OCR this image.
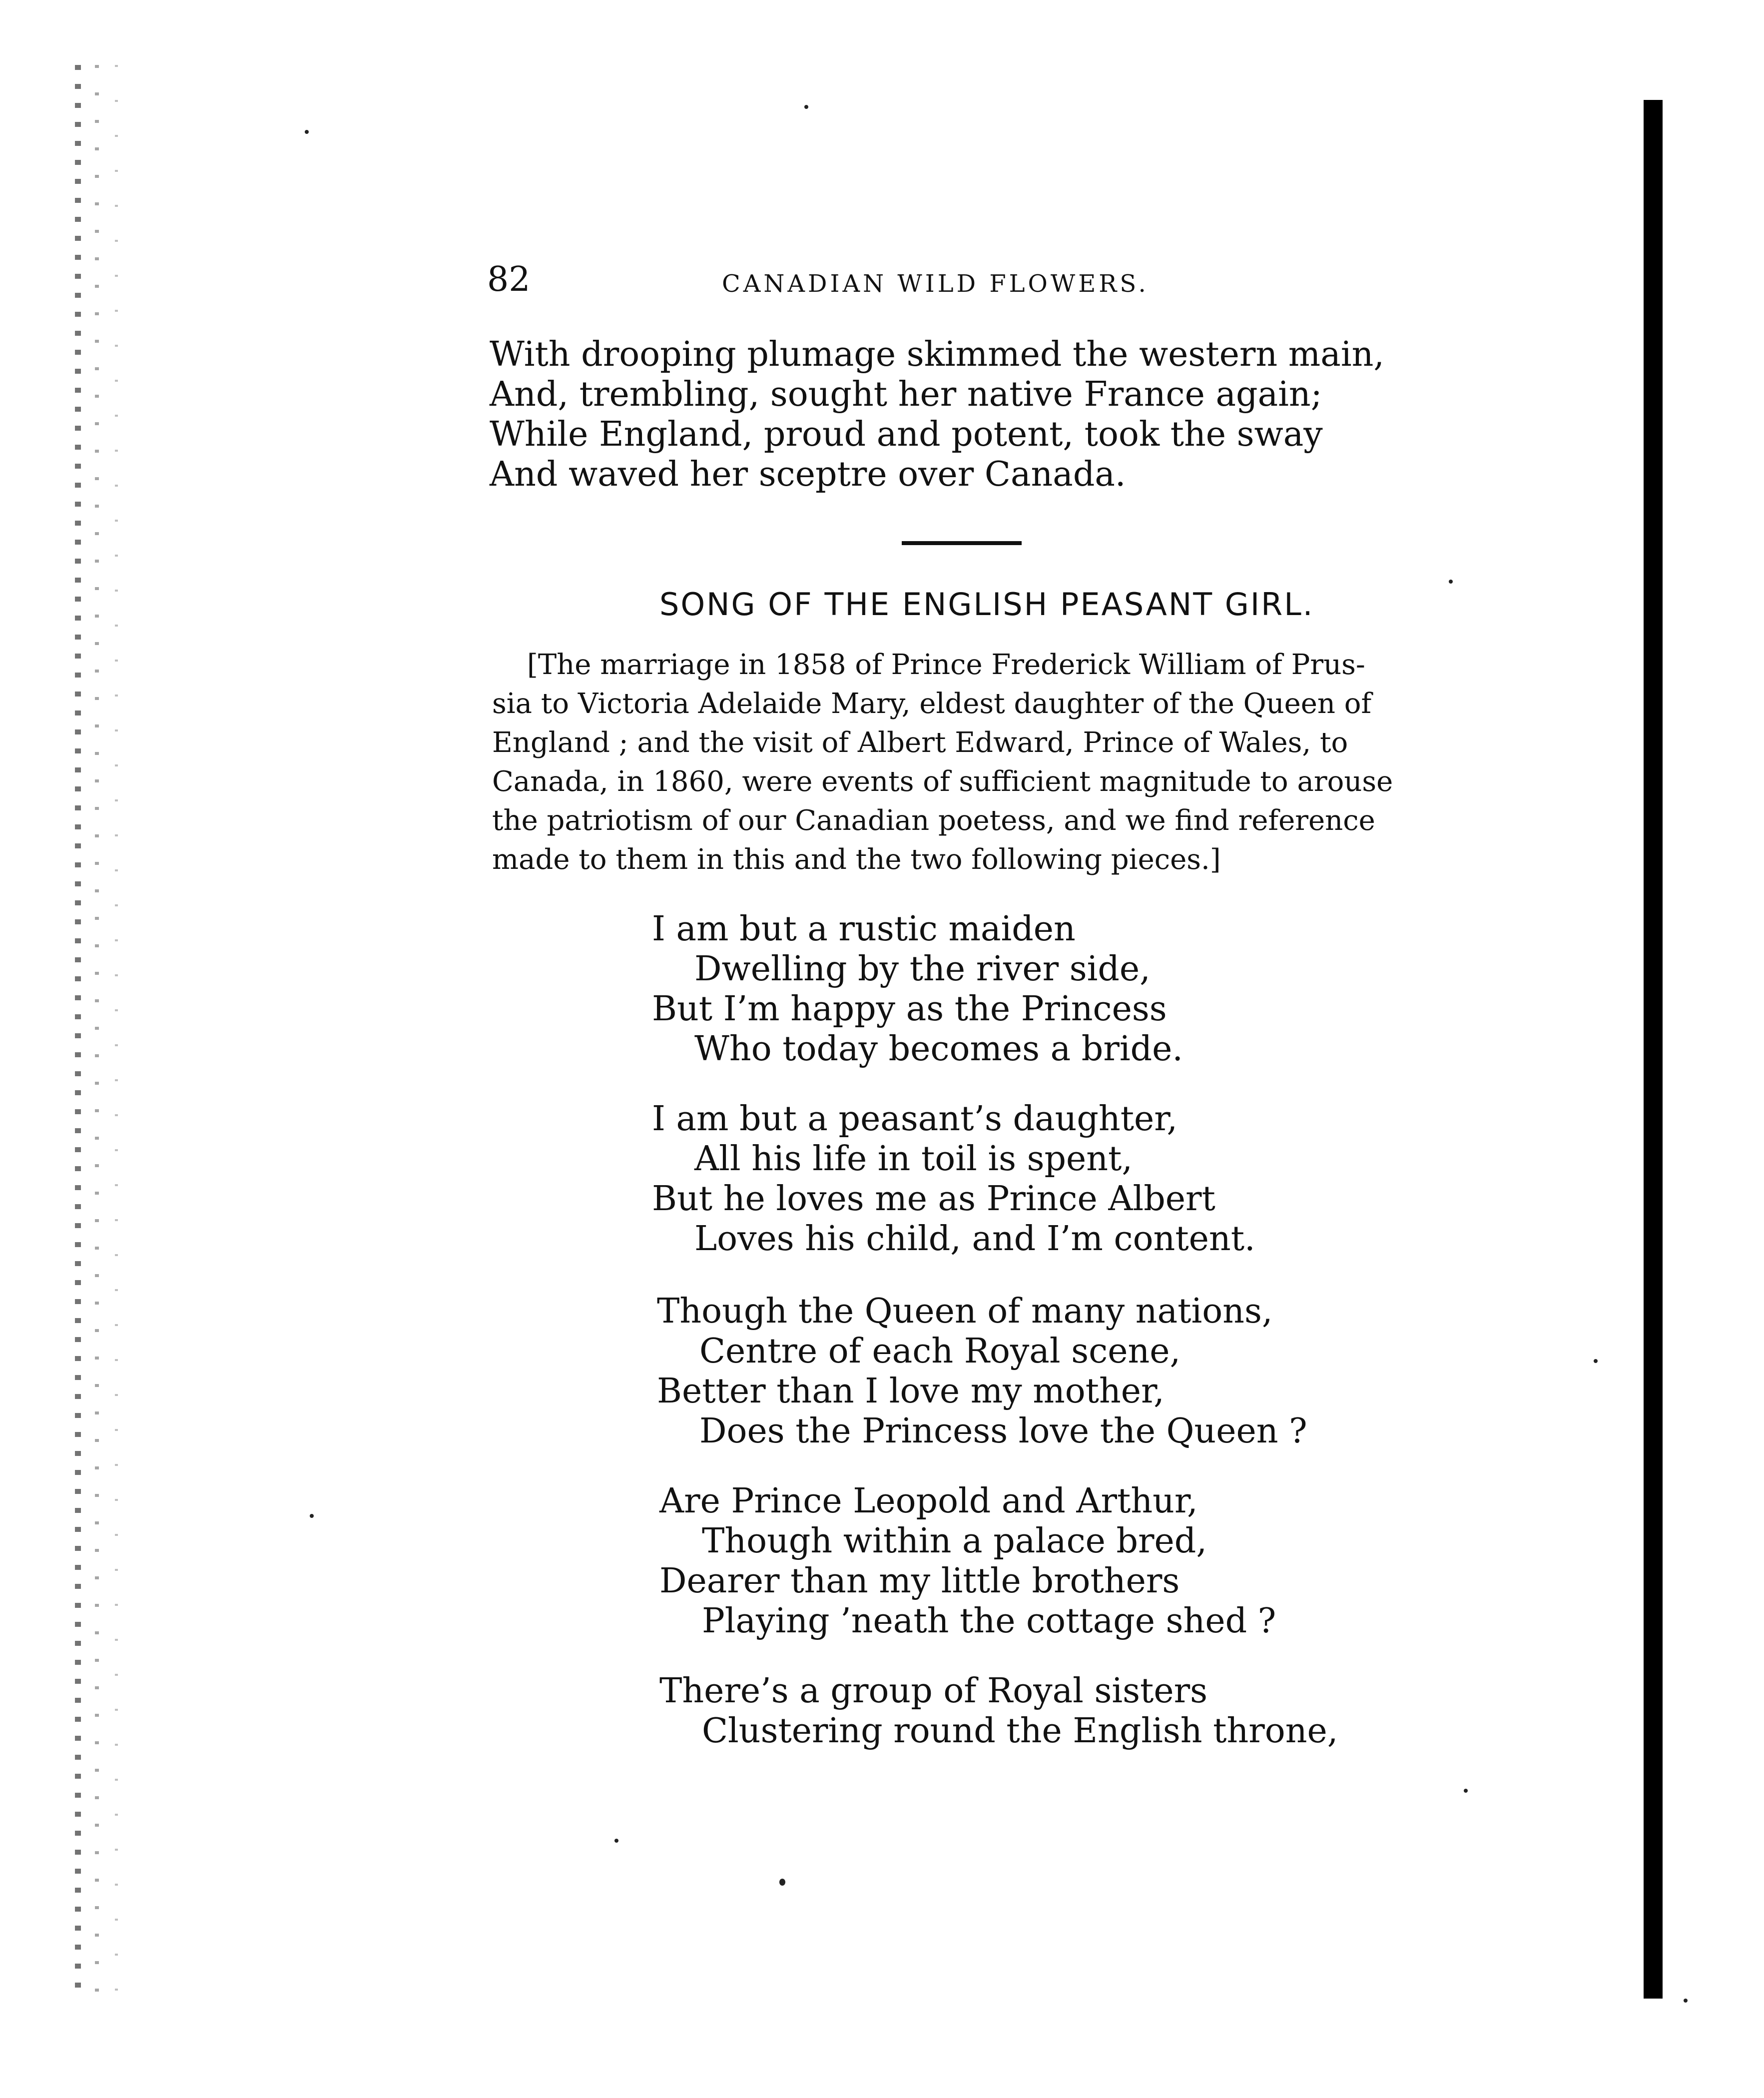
82	CANADIAN WILD FLOWERS.
With drooping plumage skimmed the western main,
And, trembling, sought her native France again;
While England, proud and potent, took the sway
And waved her sceptre over Canada.
SONG OF THE ENGLISH PEASANT GIRL.
[The marriage in 1858 of Prince Frederick William of Prus-
sia to Victoria Adelaide Mary, eldest daughter of the Queen of
England ; and the visit of Albert Edward, Prince of Wales, to
Canada, in 1860, were events of sufficient magnitude to arouse
the patriotism of our Canadian poetess, and we find reference
made to them in this and the two following pieces.]
I am but a rustic maiden
Dwelling by the river side,
But I’m happy as the Princess
Who today becomes a bride.
I am but a peasant’s daughter,
All his life in toil is spent,
But he loves me as Prince Albert
Loves his child, and I’m content.
Though the Queen of many nations,
Centre of each Royal scene,
Better than I love my mother,
Does the Princess love the Queen ?
Are Prince Leopold and Arthur,
Though within a palace bred,
Dearer than my little brothers
Playing ’neath the cottage shed ?
There’s a group of Royal sisters
Clustering round the English throne,
